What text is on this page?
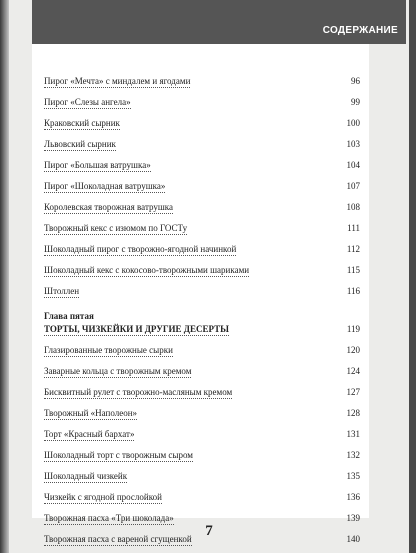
СОДЕРЖАНИЕ
Пирог «Мечта» с миндалем и ягодами	96
Пирог «Слезы ангела»	99
Краковский сырник	100
Львовский сырник	103
Пирог «Большая ватрушка»	104
Пирог «Шоколадная ватрушка»	107
Королевская творожная ватрушка	108
Творожный кекс с изюмом по ГОСТу	111
Шоколадный пирог с творожно-ягодной начинкой	112
Шоколадный кекс с кокосово-творожными шариками	115
Штоллен	116
Глава пятая
ТОРТЫ, ЧИЗКЕЙКИ И ДРУГИЕ ДЕСЕРТЫ	119
Глазированные творожные сырки	120
Заварные кольца с творожным кремом	124
Бисквитный рулет с творожно-масляным кремом	127
Творожный «Наполеон»	128
Торт «Красный бархат»	131
Шоколадный торт с творожным сыром	132
Шоколадный чизкейк	135
Чизкейк с ягодной прослойкой	136
Творожная пасха «Три шоколада»	139
Творожная пасха с вареной сгущенкой	140
7
